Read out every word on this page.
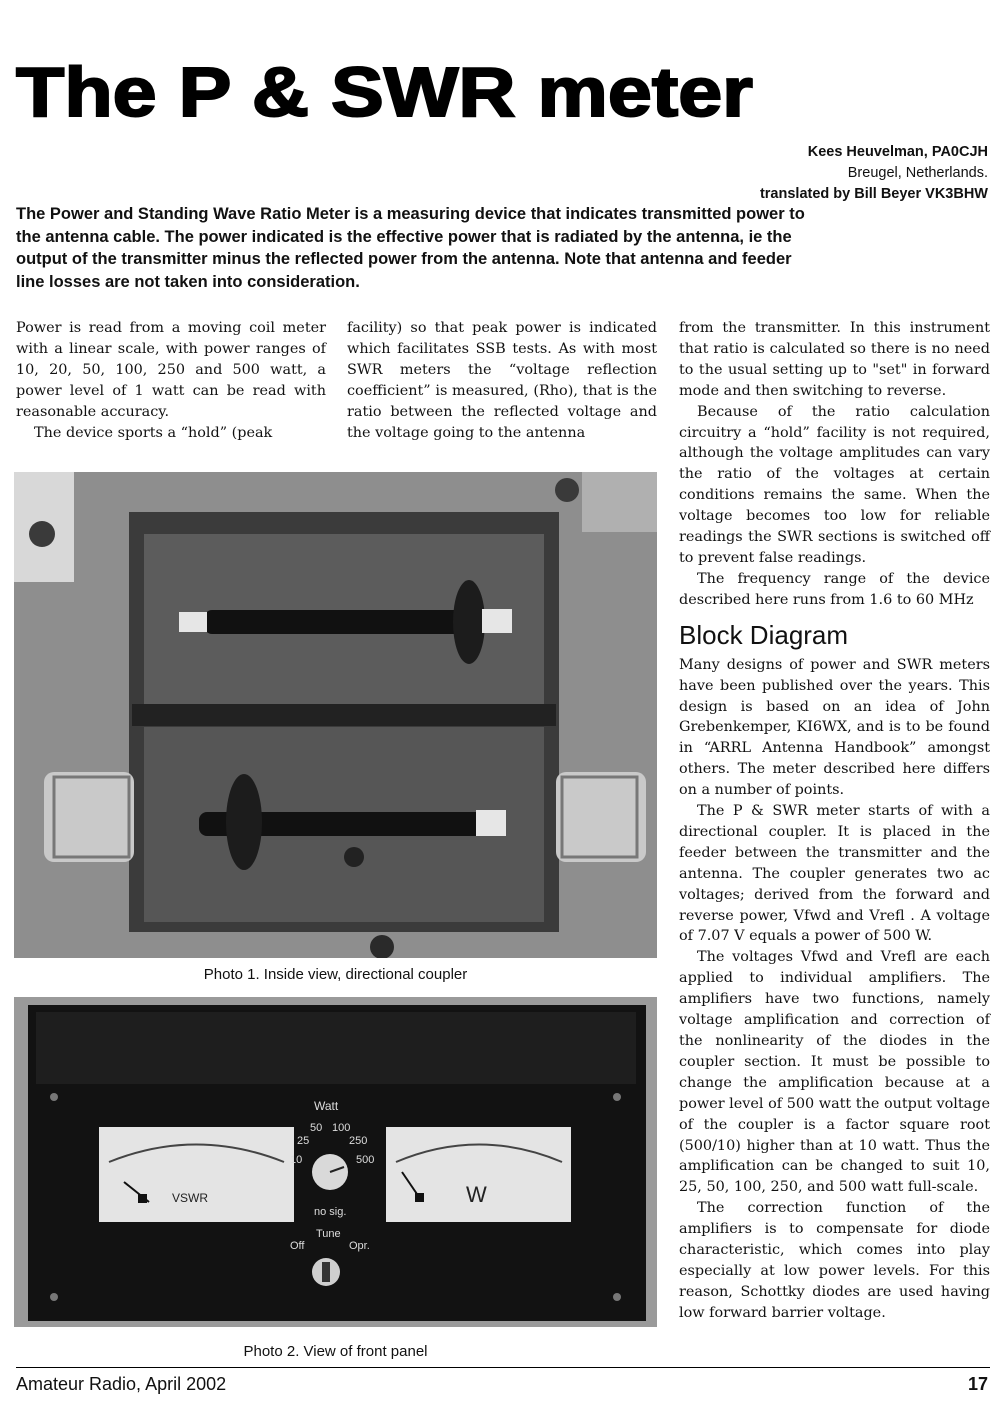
The P & SWR meter
Kees Heuvelman, PA0CJH
Breugel, Netherlands.
translated by Bill Beyer VK3BHW

The Power and Standing Wave Ratio Meter is a measuring device that indicates transmitted power to the antenna cable. The power indicated is the effective power that is radiated by the antenna, ie the output of the transmitter minus the reflected power from the antenna. Note that antenna and feeder line losses are not taken into consideration.

Power is read from a moving coil meter with a linear scale, with power ranges of 10, 20, 50, 100, 250 and 500 watt, a power level of 1 watt can be read with reasonable accuracy.

The device sports a “hold” (peak

facility) so that peak power is indicated which facilitates SSB tests. As with most SWR meters the “voltage reflection coefficient” is measured, (Rho), that is the ratio between the reflected voltage and the voltage going to the antenna

from the transmitter. In this instrument that ratio is calculated so there is no need to the usual setting up to "set" in forward mode and then switching to reverse.

Because of the ratio calculation circuitry a “hold” facility is not required, although the voltage amplitudes can vary the ratio of the voltages at certain conditions remains the same. When the voltage becomes too low for reliable readings the SWR sections is switched off to prevent false readings.

The frequency range of the device described here runs from 1.6 to 60 MHz

Block Diagram

Many designs of power and SWR meters have been published over the years. This design is based on an idea of John Grebenkemper, KI6WX, and is to be found in “ARRL Antenna Handbook” amongst others. The meter described here differs on a number of points.

The P & SWR meter starts of with a directional coupler. It is placed in the feeder between the transmitter and the antenna. The coupler generates two ac voltages; derived from the forward and reverse power, Vfwd and Vrefl . A voltage of 7.07 V equals a power of 500 W.

The voltages Vfwd and Vrefl are each applied to individual amplifiers. The amplifiers have two functions, namely voltage amplification and correction of the nonlinearity of the diodes in the coupler section. It must be possible to change the amplification because at a power level of 500 watt the output voltage of the coupler is a factor square root (500/10) higher than at 10 watt. Thus the amplification can be changed to suit 10, 25, 50, 100, 250, and 500 watt full-scale.

The correction function of the amplifiers is to compensate for diode characteristic, which comes into play especially at low power levels. For this reason, Schottky diodes are used having low forward barrier voltage.

Photo 1. Inside view, directional coupler
VSWR	W
Watt
50 100
25	250
10	500
no sig.
Tune
Off	Opr.
Photo 2. View of front panel
Amateur Radio, April 2002	17
